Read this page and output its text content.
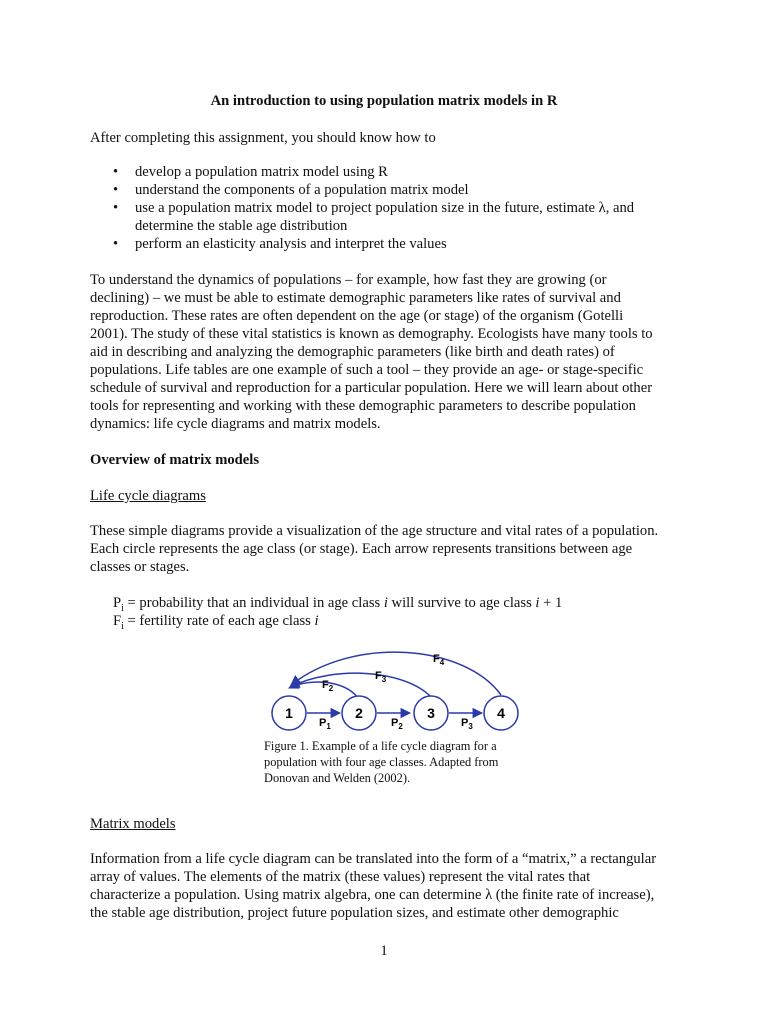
An introduction to using population matrix models in R
After completing this assignment, you should know how to
• develop a population matrix model using R
• understand the components of a population matrix model
• use a population matrix model to project population size in the future, estimate λ, and
determine the stable age distribution
• perform an elasticity analysis and interpret the values
To understand the dynamics of populations – for example, how fast they are growing (or
declining) – we must be able to estimate demographic parameters like rates of survival and
reproduction. These rates are often dependent on the age (or stage) of the organism (Gotelli
2001). The study of these vital statistics is known as demography. Ecologists have many tools to
aid in describing and analyzing the demographic parameters (like birth and death rates) of
populations. Life tables are one example of such a tool – they provide an age- or stage-specific
schedule of survival and reproduction for a particular population. Here we will learn about other
tools for representing and working with these demographic parameters to describe population
dynamics: life cycle diagrams and matrix models.
Overview of matrix models
Life cycle diagrams
These simple diagrams provide a visualization of the age structure and vital rates of a population.
Each circle represents the age class (or stage). Each arrow represents transitions between age
classes or stages.
$P_i$ = probability that an individual in age class i will survive to age class i + 1
$F_i$ = fertility rate of each age class i
1	2	3	4
$P_1$	$P_2$	$P_3$
$F_2$
$F_3$
$F_4$
Figure 1. Example of a life cycle diagram for a
population with four age classes. Adapted from
Donovan and Welden (2002).
Matrix models
Information from a life cycle diagram can be translated into the form of a “matrix,” a rectangular
array of values. The elements of the matrix (these values) represent the vital rates that
characterize a population. Using matrix algebra, one can determine λ (the finite rate of increase),
the stable age distribution, project future population sizes, and estimate other demographic
1
